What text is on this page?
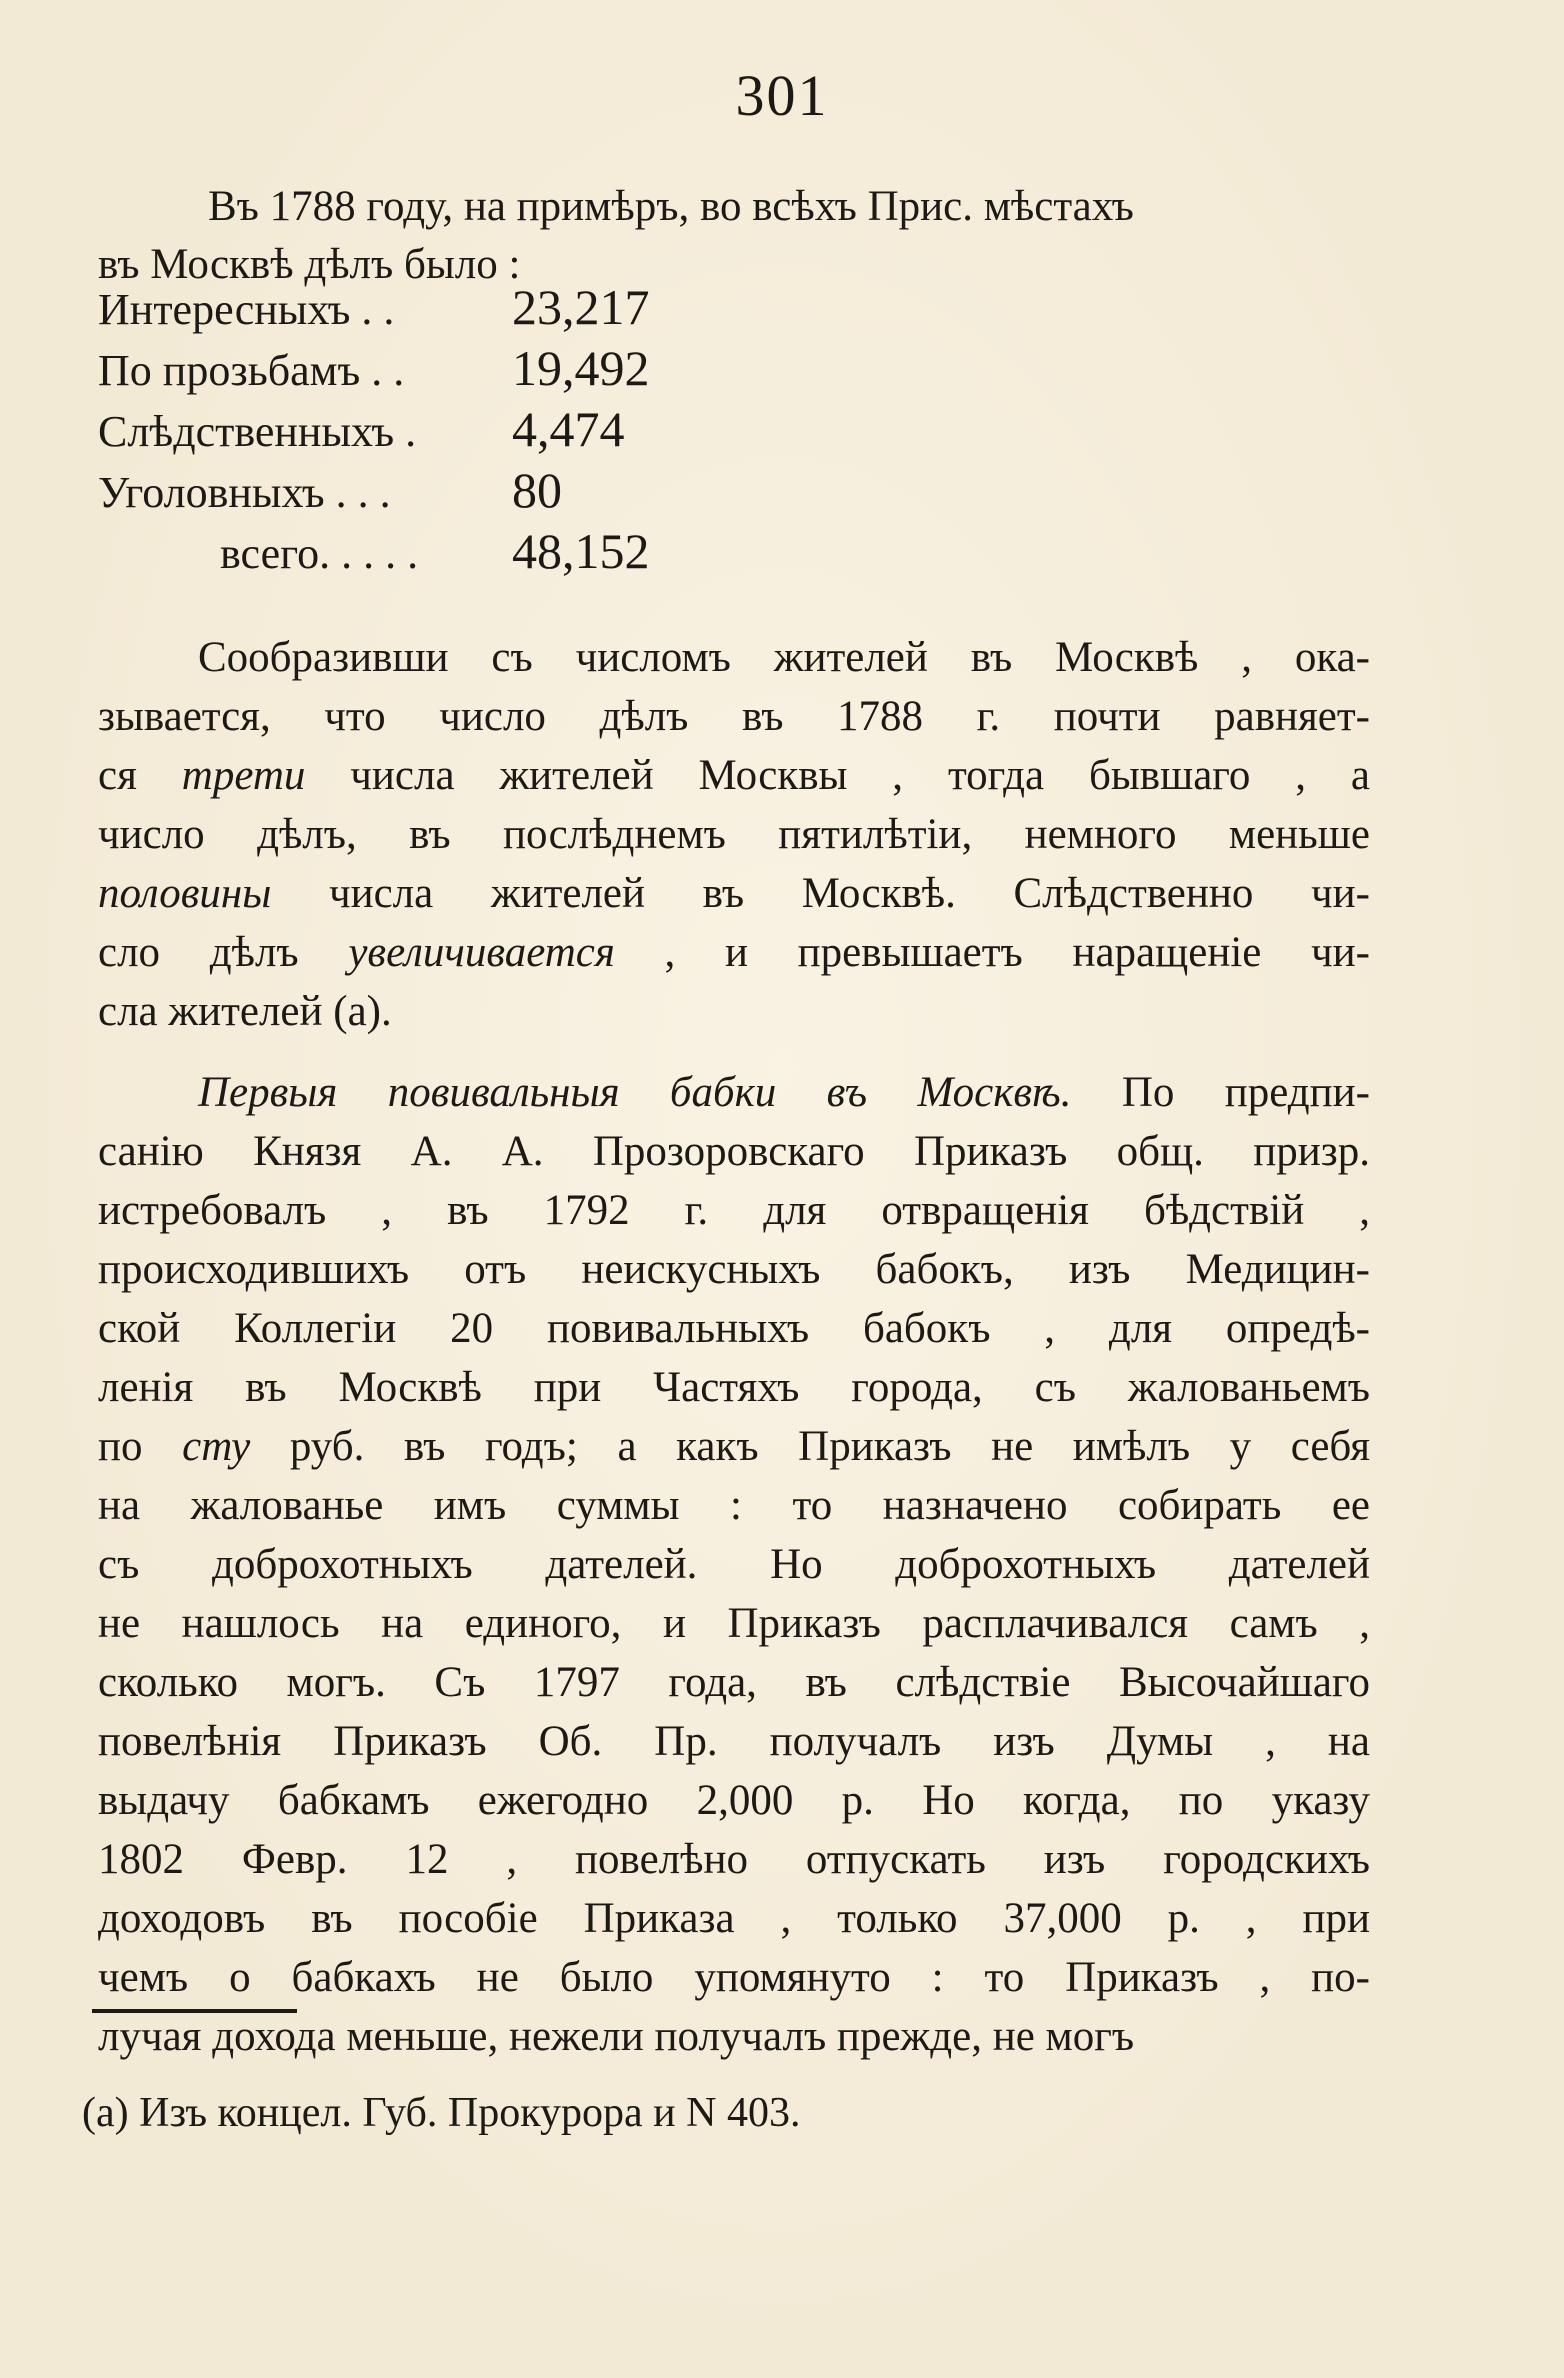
301
Въ 1788 году, на примѣръ, во всѣхъ Прис. мѣстахъ
въ Москвѣ дѣлъ было :
Интересныхъ . .	23,217
По прозьбамъ . .	19,492
Слѣдственныхъ .	4,474
Уголовныхъ . . .	80
всего. . . . .	48,152
Сообразивши съ числомъ жителей въ Москвѣ , ока-
зывается, что число дѣлъ въ 1788 г. почти равняет-
ся трети числа жителей Москвы , тогда бывшаго , а
число дѣлъ, въ послѣднемъ пятилѣтіи, немного меньше
половины числа жителей въ Москвѣ. Слѣдственно чи-
сло дѣлъ увеличивается , и превышаетъ наращеніе чи-
сла жителей (а).
Первыя повивальныя бабки въ Москвѣ. По предпи-
санію Князя А. А. Прозоровскаго Приказъ общ. призр.
истребовалъ , въ 1792 г. для отвращенія бѣдствій ,
происходившихъ отъ неискусныхъ бабокъ, изъ Медицин-
ской Коллегіи 20 повивальныхъ бабокъ , для опредѣ-
ленія въ Москвѣ при Частяхъ города, съ жалованьемъ
по сту руб. въ годъ; а какъ Приказъ не имѣлъ у себя
на жалованье имъ суммы : то назначено собирать ее
съ доброхотныхъ дателей. Но доброхотныхъ дателей
не нашлось на единого, и Приказъ расплачивался самъ ,
сколько могъ. Съ 1797 года, въ слѣдствіе Высочайшаго
повелѣнія Приказъ Об. Пр. получалъ изъ Думы , на
выдачу бабкамъ ежегодно 2,000 р. Но когда, по указу
1802 Февр. 12 , повелѣно отпускать изъ городскихъ
доходовъ въ пособіе Приказа , только 37,000 р. , при
чемъ о бабкахъ не было упомянуто : то Приказъ , по-
лучая дохода меньше, нежели получалъ прежде, не могъ
(а) Изъ концел. Губ. Прокурора и N 403.
